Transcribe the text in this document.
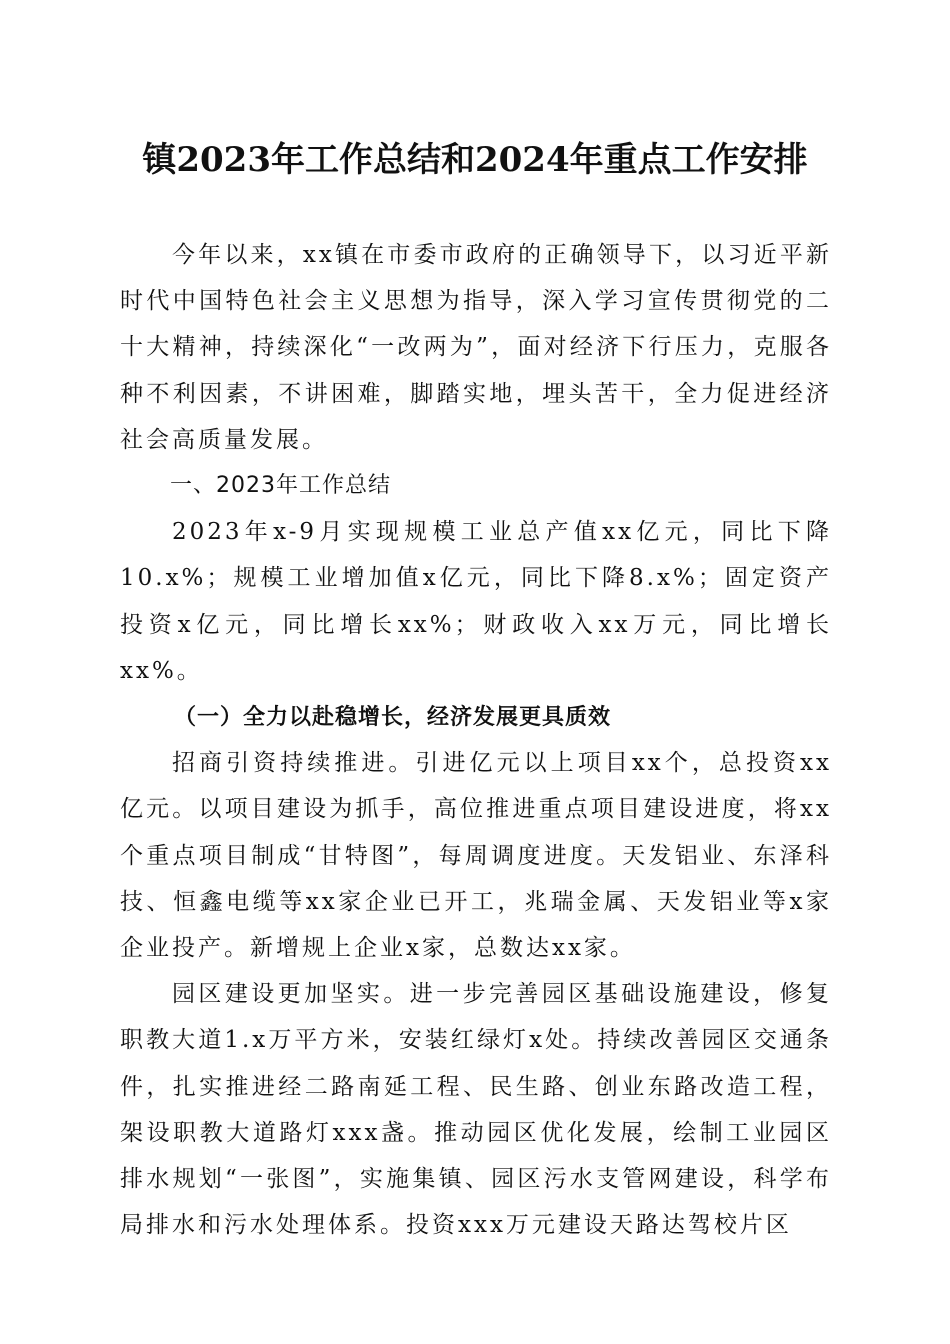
镇2023年工作总结和2024年重点工作安排

今年以来，xx镇在市委市政府的正确领导下，以习近平新时代中国特色社会主义思想为指导，深入学习宣传贯彻党的二十大精神，持续深化“一改两为”，面对经济下行压力，克服各种不利因素，不讲困难，脚踏实地，埋头苦干，全力促进经济社会高质量发展。

一、2023年工作总结

2023年x-9月实现规模工业总产值xx亿元，同比下降10.x%；规模工业增加值x亿元，同比下降8.x%；固定资产投资x亿元，同比增长xx%；财政收入xx万元，同比增长xx%。

（一）全力以赴稳增长，经济发展更具质效

招商引资持续推进。引进亿元以上项目xx个，总投资xx亿元。以项目建设为抓手，高位推进重点项目建设进度，将xx个重点项目制成“甘特图”，每周调度进度。天发铝业、东泽科技、恒鑫电缆等xx家企业已开工，兆瑞金属、天发铝业等x家企业投产。新增规上企业x家，总数达xx家。

园区建设更加坚实。进一步完善园区基础设施建设，修复职教大道1.x万平方米，安装红绿灯x处。持续改善园区交通条件，扎实推进经二路南延工程、民生路、创业东路改造工程，架设职教大道路灯xxx盏。推动园区优化发展，绘制工业园区排水规划“一张图”，实施集镇、园区污水支管网建设，科学布局排水和污水处理体系。投资xxx万元建设天路达驾校片区
